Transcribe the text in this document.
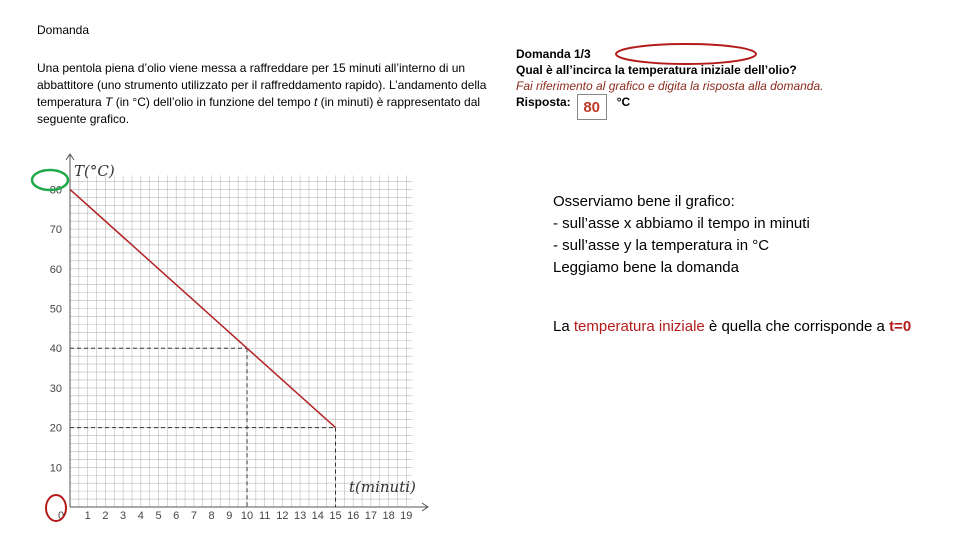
Domanda
Una pentola piena d’olio viene messa a raffreddare per 15 minuti all’interno di un abbattitore (uno strumento utilizzato per il raffreddamento rapido). L’andamento della temperatura T (in °C) dell’olio in funzione del tempo t (in minuti) è rappresentato dal seguente grafico.
Domanda 1/3
Qual è all’incirca la temperatura iniziale dell’olio?
Fai riferimento al grafico e digita la risposta alla domanda.
Risposta: 80	°C
Osserviamo bene il grafico:
- sull’asse x abbiamo il tempo in minuti
- sull’asse y la temperatura in °C
Leggiamo bene la domanda
La temperatura iniziale è quella che corrisponde a t=0
10
20
30
40
50
60
70
80
0 1 2 3 4 5 6 7 8 9 10 11 12 13 14 15 16 17 18 19
T(°C)
t(minuti)
